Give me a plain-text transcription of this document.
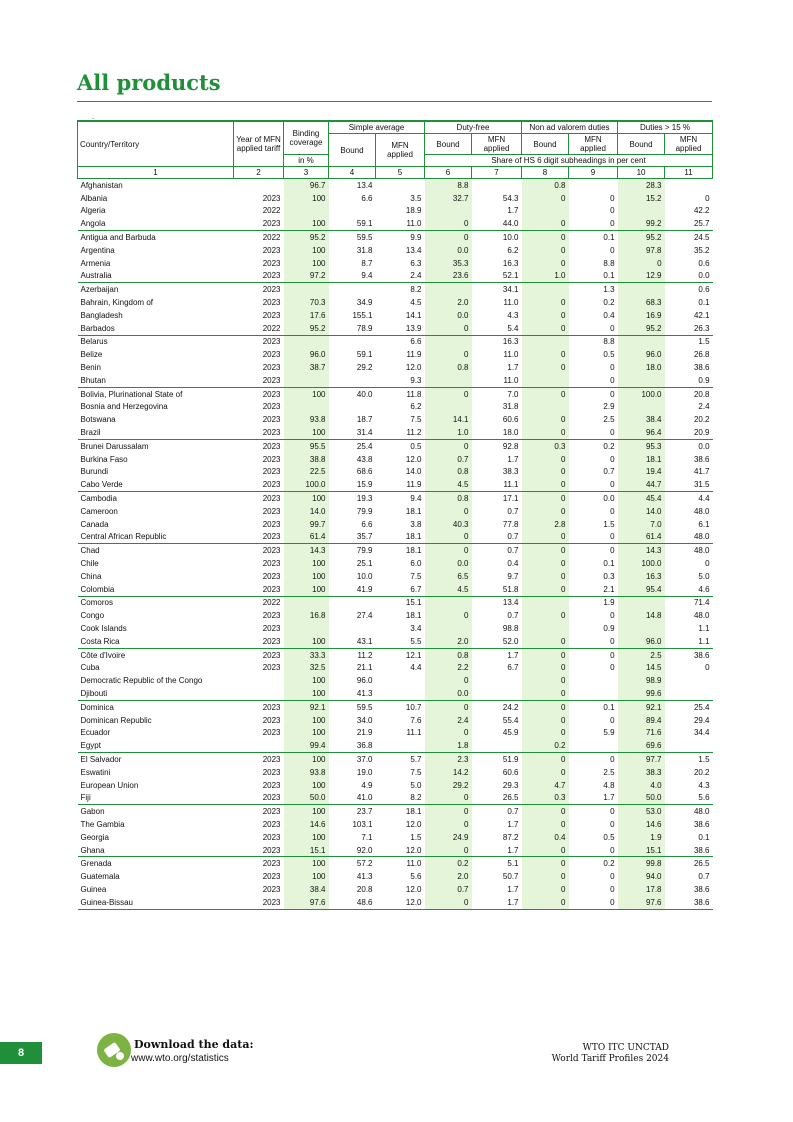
All products
.
Country/Territory	Year of MFN applied tariff	Binding coverage	Simple average		Duty-free		Non ad valorem duties		Duties > 15 %	
			Bound	MFN applied	Bound	MFN applied	Bound	MFN applied	Bound	MFN applied
		in %			Share of HS 6 digit subheadings in per cent					
1	2	3	4	5	6	7	8	9	10	11
Afghanistan		96.7	13.4		8.8		0.8		28.3	
Albania	2023	100	6.6	3.5	32.7	54.3	0	0	15.2	0
Algeria	2022			18.9		1.7		0		42.2
Angola	2023	100	59.1	11.0	0	44.0	0	0	99.2	25.7
Antigua and Barbuda	2022	95.2	59.5	9.9	0	10.0	0	0.1	95.2	24.5
Argentina	2023	100	31.8	13.4	0.0	6.2	0	0	97.8	35.2
Armenia	2023	100	8.7	6.3	35.3	16.3	0	8.8	0	0.6
Australia	2023	97.2	9.4	2.4	23.6	52.1	1.0	0.1	12.9	0.0
Azerbaijan	2023			8.2		34.1		1.3		0.6
Bahrain, Kingdom of	2023	70.3	34.9	4.5	2.0	11.0	0	0.2	68.3	0.1
Bangladesh	2023	17.6	155.1	14.1	0.0	4.3	0	0.4	16.9	42.1
Barbados	2022	95.2	78.9	13.9	0	5.4	0	0	95.2	26.3
Belarus	2023			6.6		16.3		8.8		1.5
Belize	2023	96.0	59.1	11.9	0	11.0	0	0.5	96.0	26.8
Benin	2023	38.7	29.2	12.0	0.8	1.7	0	0	18.0	38.6
Bhutan	2023			9.3		11.0		0		0.9
Bolivia, Plurinational State of	2023	100	40.0	11.8	0	7.0	0	0	100.0	20.8
Bosnia and Herzegovina	2023			6.2		31.8		2.9		2.4
Botswana	2023	93.8	18.7	7.5	14.1	60.6	0	2.5	38.4	20.2
Brazil	2023	100	31.4	11.2	1.0	18.0	0	0	96.4	20.9
Brunei Darussalam	2023	95.5	25.4	0.5	0	92.8	0.3	0.2	95.3	0.0
Burkina Faso	2023	38.8	43.8	12.0	0.7	1.7	0	0	18.1	38.6
Burundi	2023	22.5	68.6	14.0	0.8	38.3	0	0.7	19.4	41.7
Cabo Verde	2023	100.0	15.9	11.9	4.5	11.1	0	0	44.7	31.5
Cambodia	2023	100	19.3	9.4	0.8	17.1	0	0.0	45.4	4.4
Cameroon	2023	14.0	79.9	18.1	0	0.7	0	0	14.0	48.0
Canada	2023	99.7	6.6	3.8	40.3	77.8	2.8	1.5	7.0	6.1
Central African Republic	2023	61.4	35.7	18.1	0	0.7	0	0	61.4	48.0
Chad	2023	14.3	79.9	18.1	0	0.7	0	0	14.3	48.0
Chile	2023	100	25.1	6.0	0.0	0.4	0	0.1	100.0	0
China	2023	100	10.0	7.5	6.5	9.7	0	0.3	16.3	5.0
Colombia	2023	100	41.9	6.7	4.5	51.8	0	2.1	95.4	4.6
Comoros	2022			15.1		13.4		1.9		71.4
Congo	2023	16.8	27.4	18.1	0	0.7	0	0	14.8	48.0
Cook Islands	2023			3.4		98.8		0.9		1.1
Costa Rica	2023	100	43.1	5.5	2.0	52.0	0	0	96.0	1.1
Côte d'Ivoire	2023	33.3	11.2	12.1	0.8	1.7	0	0	2.5	38.6
Cuba	2023	32.5	21.1	4.4	2.2	6.7	0	0	14.5	0
Democratic Republic of the Congo		100	96.0		0		0		98.9	
Djibouti		100	41.3		0.0		0		99.6	
Dominica	2023	92.1	59.5	10.7	0	24.2	0	0.1	92.1	25.4
Dominican Republic	2023	100	34.0	7.6	2.4	55.4	0	0	89.4	29.4
Ecuador	2023	100	21.9	11.1	0	45.9	0	5.9	71.6	34.4
Egypt		99.4	36.8		1.8		0.2		69.6	
El Salvador	2023	100	37.0	5.7	2.3	51.9	0	0	97.7	1.5
Eswatini	2023	93.8	19.0	7.5	14.2	60.6	0	2.5	38.3	20.2
European Union	2023	100	4.9	5.0	29.2	29.3	4.7	4.8	4.0	4.3
Fiji	2023	50.0	41.0	8.2	0	26.5	0.3	1.7	50.0	5.6
Gabon	2023	100	23.7	18.1	0	0.7	0	0	53.0	48.0
The Gambia	2023	14.6	103.1	12.0	0	1.7	0	0	14.6	38.6
Georgia	2023	100	7.1	1.5	24.9	87.2	0.4	0.5	1.9	0.1
Ghana	2023	15.1	92.0	12.0	0	1.7	0	0	15.1	38.6
Grenada	2023	100	57.2	11.0	0.2	5.1	0	0.2	99.8	26.5
Guatemala	2023	100	41.3	5.6	2.0	50.7	0	0	94.0	0.7
Guinea	2023	38.4	20.8	12.0	0.7	1.7	0	0	17.8	38.6
Guinea-Bissau	2023	97.6	48.6	12.0	0	1.7	0	0	97.6	38.6
8
Download the data:
www.wto.org/statistics
WTO ITC UNCTAD
World Tariff Profiles 2024
